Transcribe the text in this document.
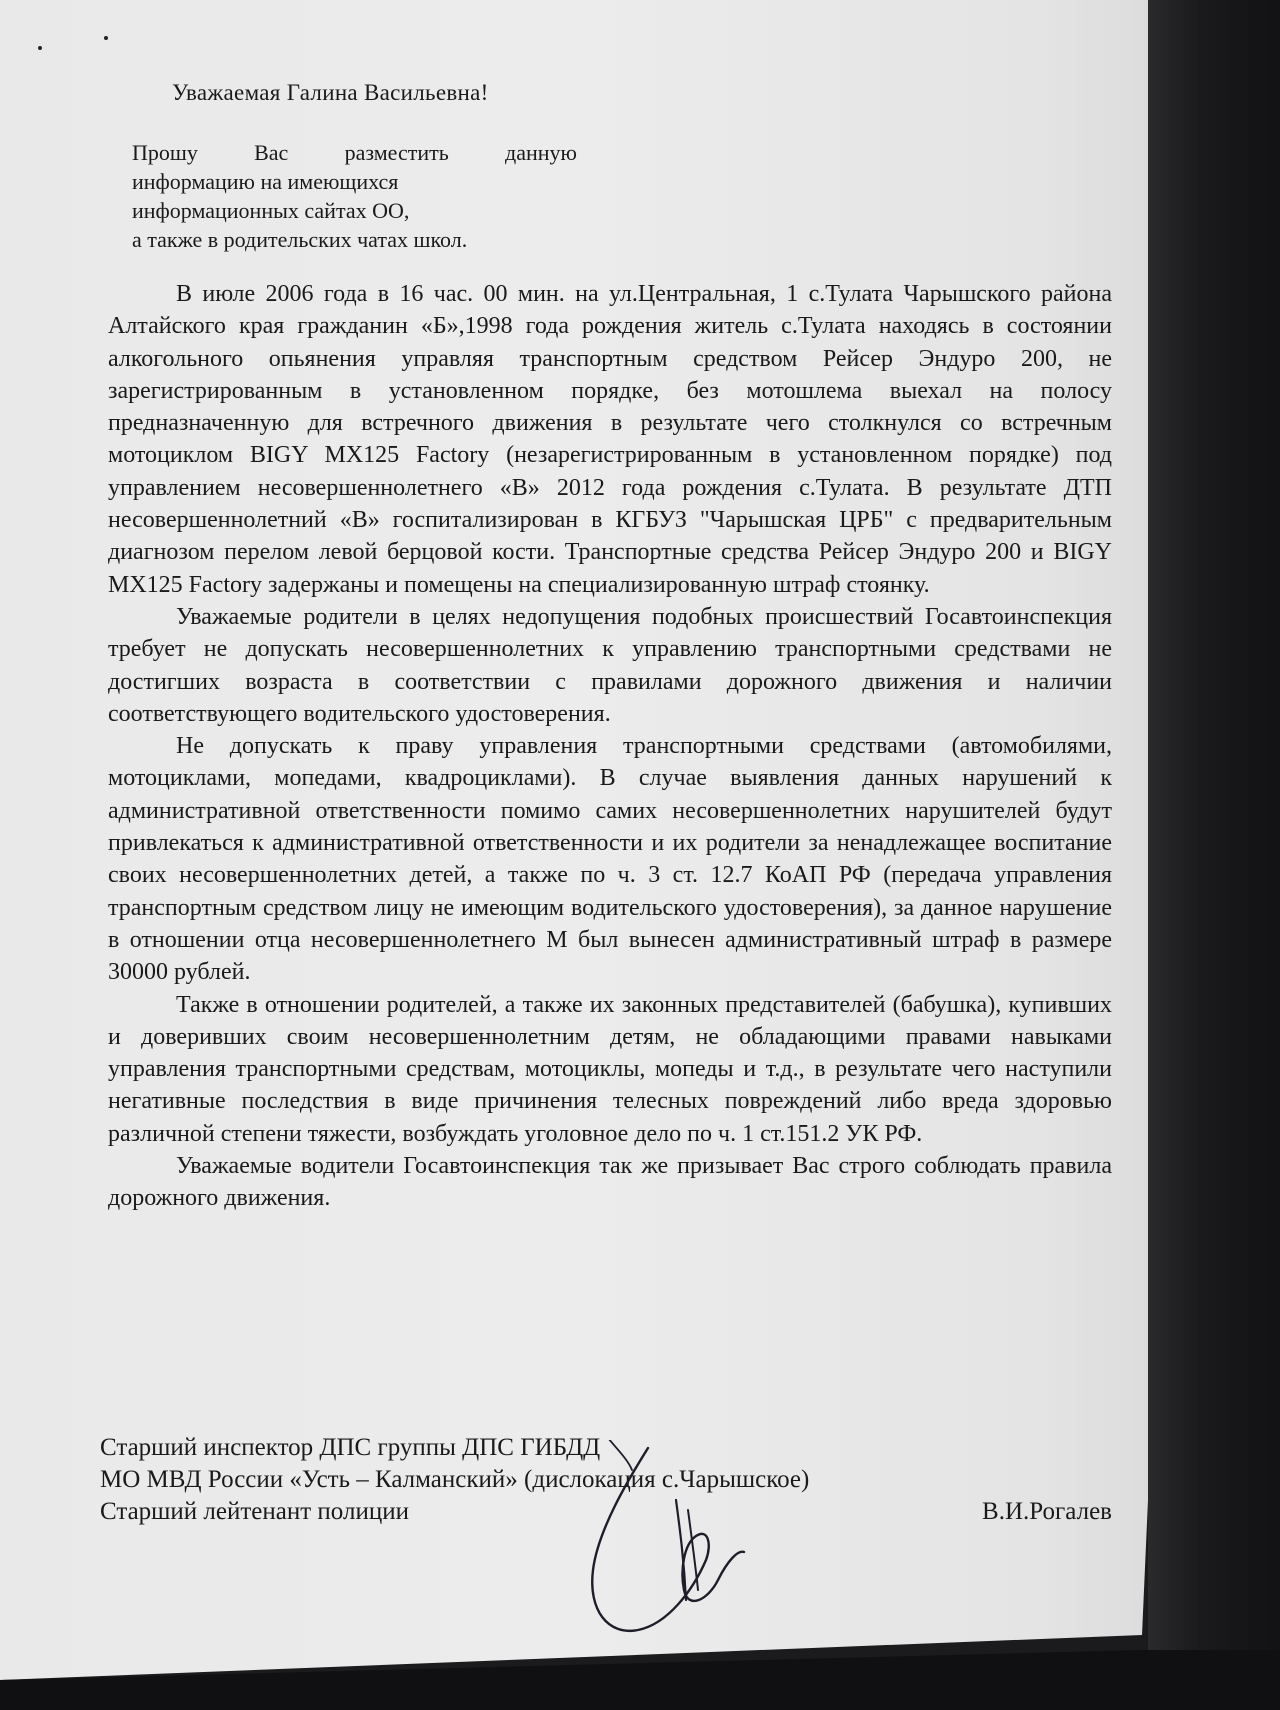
Уважаемая Галина Васильевна!
Прошу Вас разместить данную
информацию на имеющихся
информационных сайтах ОО,
а также в родительских чатах школ.

В июле 2006 года в 16 час. 00 мин. на ул.Центральная, 1 с.Тулата Чарышского района Алтайского края гражданин «Б»,1998 года рождения житель с.Тулата находясь в состоянии алкогольного опьянения управляя транспортным средством Рейсер Эндуро 200, не зарегистрированным в установленном порядке, без мотошлема выехал на полосу предназначенную для встречного движения в результате чего столкнулся со встречным мотоциклом BIGY MX125 Factory (незарегистрированным в установленном порядке) под управлением несовершеннолетнего «В» 2012 года рождения с.Тулата. В результате ДТП несовершеннолетний «В» госпитализирован в КГБУЗ "Чарышская ЦРБ" с предварительным диагнозом перелом левой берцовой кости. Транспортные средства Рейсер Эндуро 200 и BIGY MX125 Factory задержаны и помещены на специализированную штраф стоянку.

Уважаемые родители в целях недопущения подобных происшествий Госавтоинспекция требует не допускать несовершеннолетних к управлению транспортными средствами не достигших возраста в соответствии с правилами дорожного движения и наличии соответствующего водительского удостоверения.

Не допускать к праву управления транспортными средствами (автомобилями, мотоциклами, мопедами, квадроциклами). В случае выявления данных нарушений к административной ответственности помимо самих несовершеннолетних нарушителей будут привлекаться к административной ответственности и их родители за ненадлежащее воспитание своих несовершеннолетних детей, а также по ч. 3 ст. 12.7 КоАП РФ (передача управления транспортным средством лицу не имеющим водительского удостоверения), за данное нарушение в отношении отца несовершеннолетнего М был вынесен административный штраф в размере 30000 рублей.

Также в отношении родителей, а также их законных представителей (бабушка), купивших и доверивших своим несовершеннолетним детям, не обладающими правами навыками управления транспортными средствам, мотоциклы, мопеды и т.д., в результате чего наступили негативные последствия в виде причинения телесных повреждений либо вреда здоровью различной степени тяжести, возбуждать уголовное дело по ч. 1 ст.151.2 УК РФ.

Уважаемые водители Госавтоинспекция так же призывает Вас строго соблюдать правила дорожного движения.

Старший инспектор ДПС группы ДПС ГИБДД
МО МВД России «Усть – Калманский» (дислокация с.Чарышское)
Старший лейтенант полиции	В.И.Рогалев
